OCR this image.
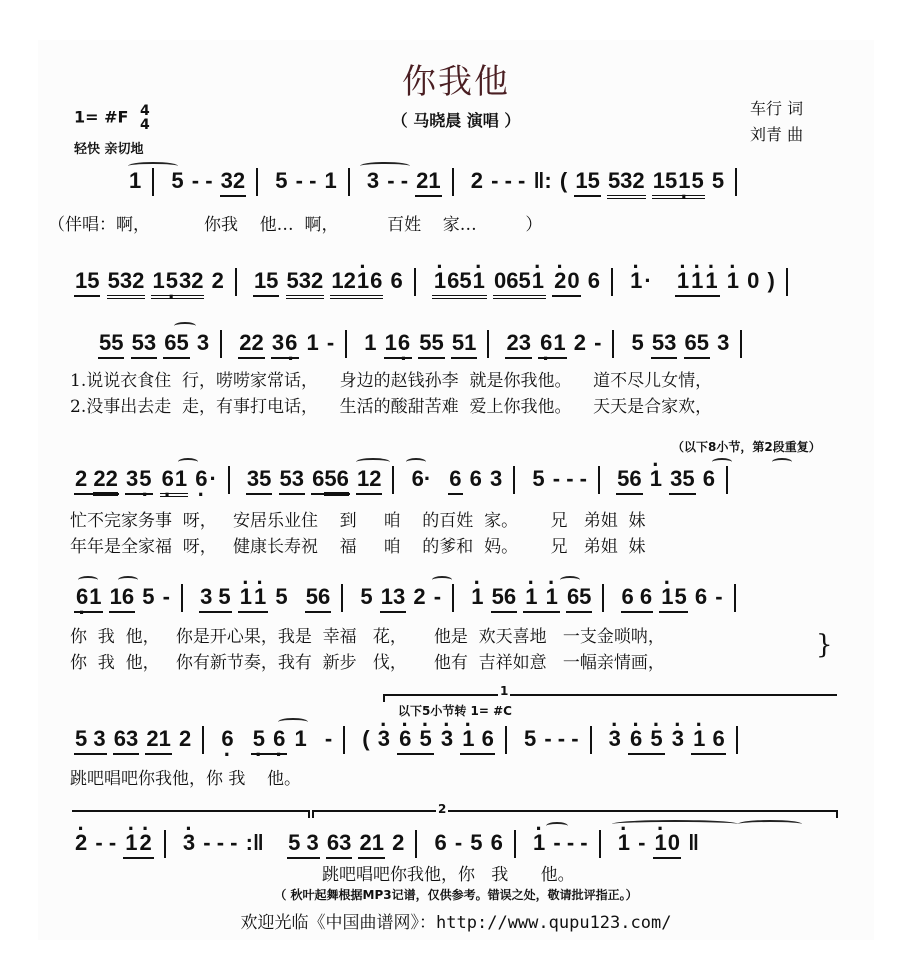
你我他
（ 马晓晨 演唱 ）
车行 词
刘青 曲
1= #F 4
4
轻快 亲切地
1 5 - - 32 5 - - 1 3 - - 21 2 - - - ‖: ( 15 532 151 ·5 5
（伴唱：啊，          你我    他…  啊，         百姓    家…         ）
15 532 15 ·32 2 15 532 12· 16 6 · 165· 1 065· 1 · 20 6 · 1· · 1· 1· 1 · 1 0 )
55 53 65 3 22 36 · 1 - 1 16 · 55 51 23 6 ·1 2 - 5 53 65 3
1.说说衣食住  行，唠唠家常话，    身边的赵钱孙李  就是你我他。    道不尽儿女情，
2.没事出去走  走，有事打电话，    生活的酸甜苦难  爱上你我他。    天天是合家欢，
（以下8小节，第2段重复）
2 22 35 · 6 ·1 6 ·· 35 53 656 12 6· 6 6 3 5 - - - 56 · 1 35 6
忙不完家务事  呀，   安居乐业住    到     咱    的百姓  家。      兄   弟姐  妹
年年是全家福  呀，   健康长寿祝    福     咱    的爹和  妈。      兄   弟姐  妹
6 ·1 16 5 - 3 5 · 1· 1 5 56 5 13 2 - · 1 56 · 1 · 1 65 6 6 · 15 6 -
你  我  他，   你是开心果，我是  幸福   花，     他是  欢天喜地   一支金唢呐，
你  我  他，   你有新节奏，我有  新步   伐，     他有  吉祥如意   一幅亲情画，
}
1
以下5小节转 1= #C
5 3 63 21 2 6 · 5 · 6 · 1 - ( · 3 · 6 · 5 · 3 · 1 6 5 - - - · 3 · 6 · 5 · 3 · 1 6
跳吧唱吧你我他，你 我    他。
2
· 2 - - · 1· 2 · 3 - - - :‖ 5 3 63 21 2 6 - 5 6 · 1 - - - · 1 - · 10 ‖
跳吧唱吧你我他，你   我      他。
（ 秋叶起舞根据MP3记谱，仅供参考。错误之处，敬请批评指正。）
欢迎光临《中国曲谱网》：http://www.qupu123.com/
